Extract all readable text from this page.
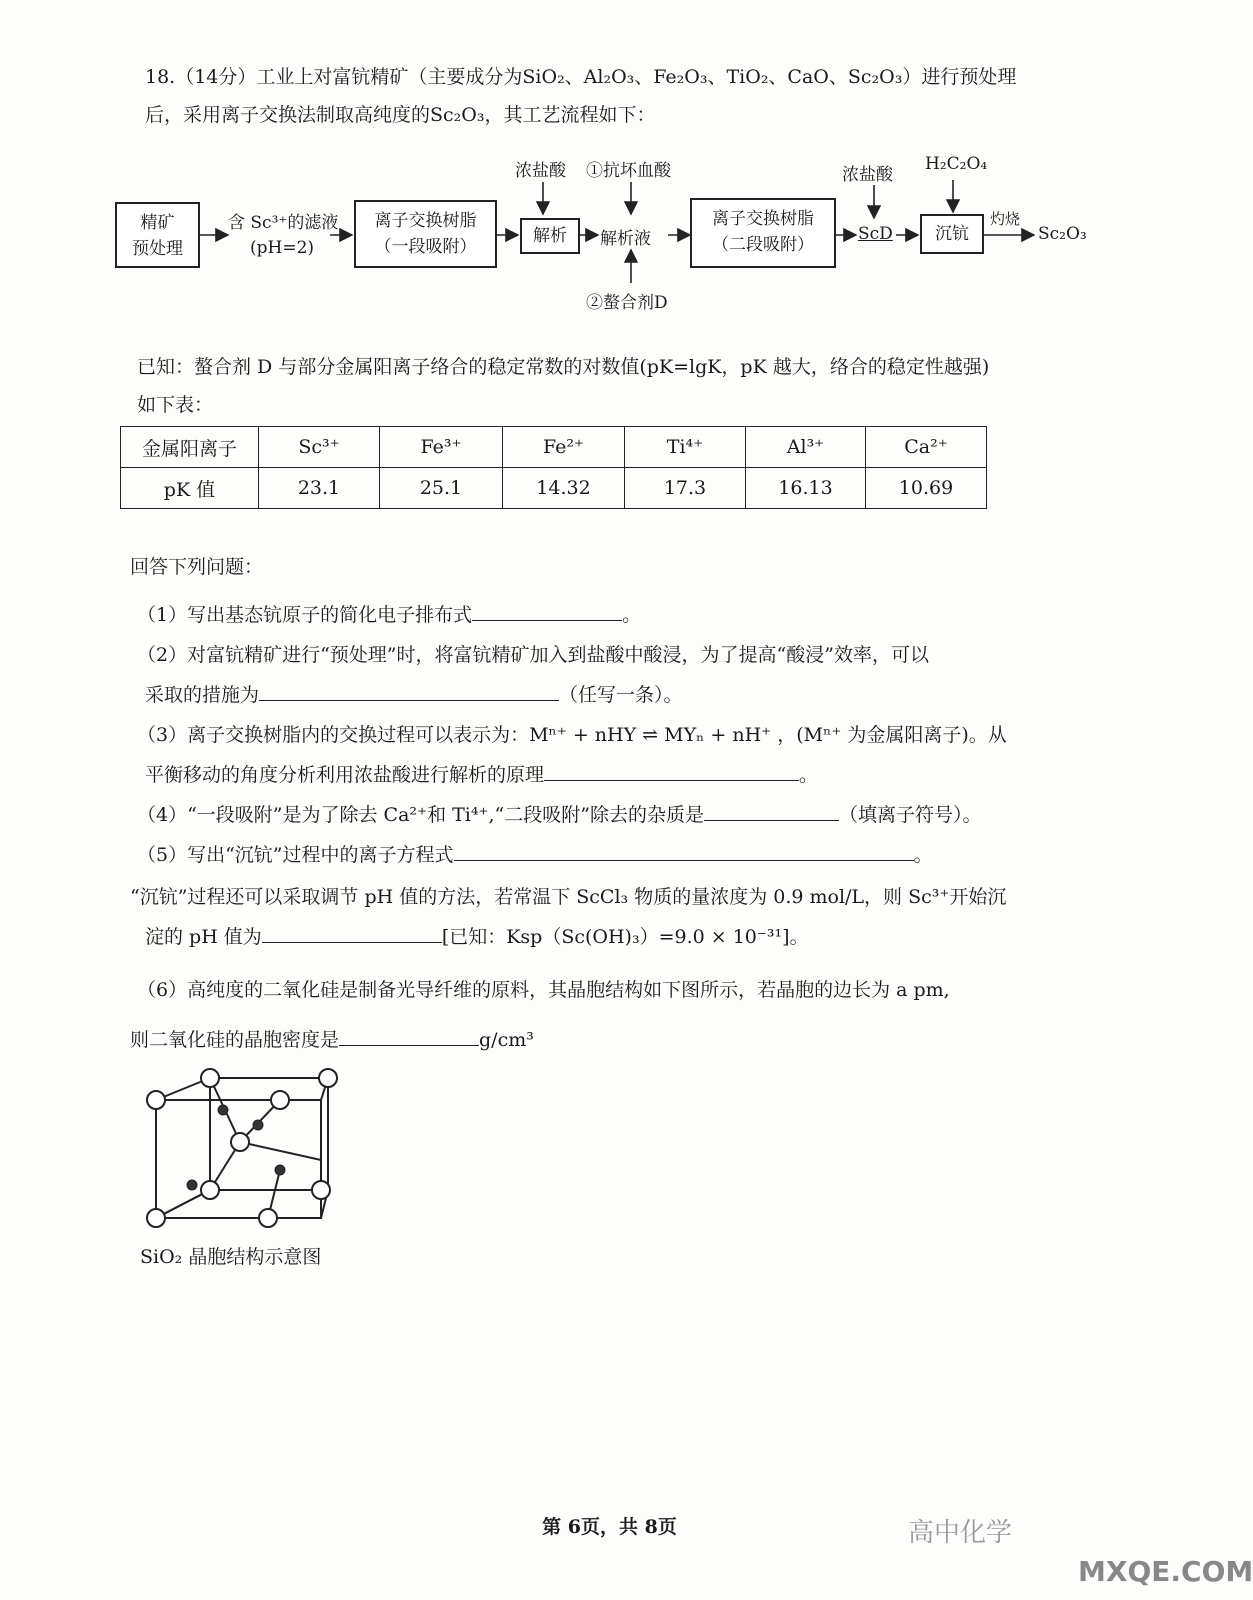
18.（14分）工业上对富钪精矿（主要成分为SiO₂、Al₂O₃、Fe₂O₃、TiO₂、CaO、Sc₂O₃）进行预处理
后，采用离子交换法制取高纯度的Sc₂O₃，其工艺流程如下：
精矿
预处理
含 Sc³⁺的滤液
(pH=2)
离子交换树脂
（一段吸附）
浓盐酸
解析
①抗坏血酸
解析液
②螯合剂D
离子交换树脂
（二段吸附）
浓盐酸
ScD
H₂C₂O₄
沉钪
灼烧
Sc₂O₃
已知：螯合剂 D 与部分金属阳离子络合的稳定常数的对数值(pK=lgK，pK 越大，络合的稳定性越强)
如下表：
金属阳离子	Sc³⁺	Fe³⁺	Fe²⁺	Ti⁴⁺	Al³⁺	Ca²⁺
pK 值	23.1	25.1	14.32	17.3	16.13	10.69
回答下列问题：
（1）写出基态钪原子的简化电子排布式	。
（2）对富钪精矿进行“预处理”时，将富钪精矿加入到盐酸中酸浸，为了提高“酸浸”效率，可以
采取的措施为	（任写一条）。
（3）离子交换树脂内的交换过程可以表示为：Mⁿ⁺ + nHY ⇌ MYₙ + nH⁺ ，(Mⁿ⁺ 为金属阳离子)。从
平衡移动的角度分析利用浓盐酸进行解析的原理	。
（4）“一段吸附”是为了除去 Ca²⁺和 Ti⁴⁺,“二段吸附”除去的杂质是	（填离子符号）。
（5）写出“沉钪”过程中的离子方程式	。
“沉钪”过程还可以采取调节 pH 值的方法，若常温下 ScCl₃ 物质的量浓度为 0.9 mol/L，则 Sc³⁺开始沉
淀的 pH 值为	[已知：Ksp（Sc(OH)₃）=9.0 × 10⁻³¹]。
（6）高纯度的二氧化硅是制备光导纤维的原料，其晶胞结构如下图所示，若晶胞的边长为 a pm,
则二氧化硅的晶胞密度是	g/cm³
SiO₂ 晶胞结构示意图
第 6页，共 8页	高中化学
MXQE.COM
